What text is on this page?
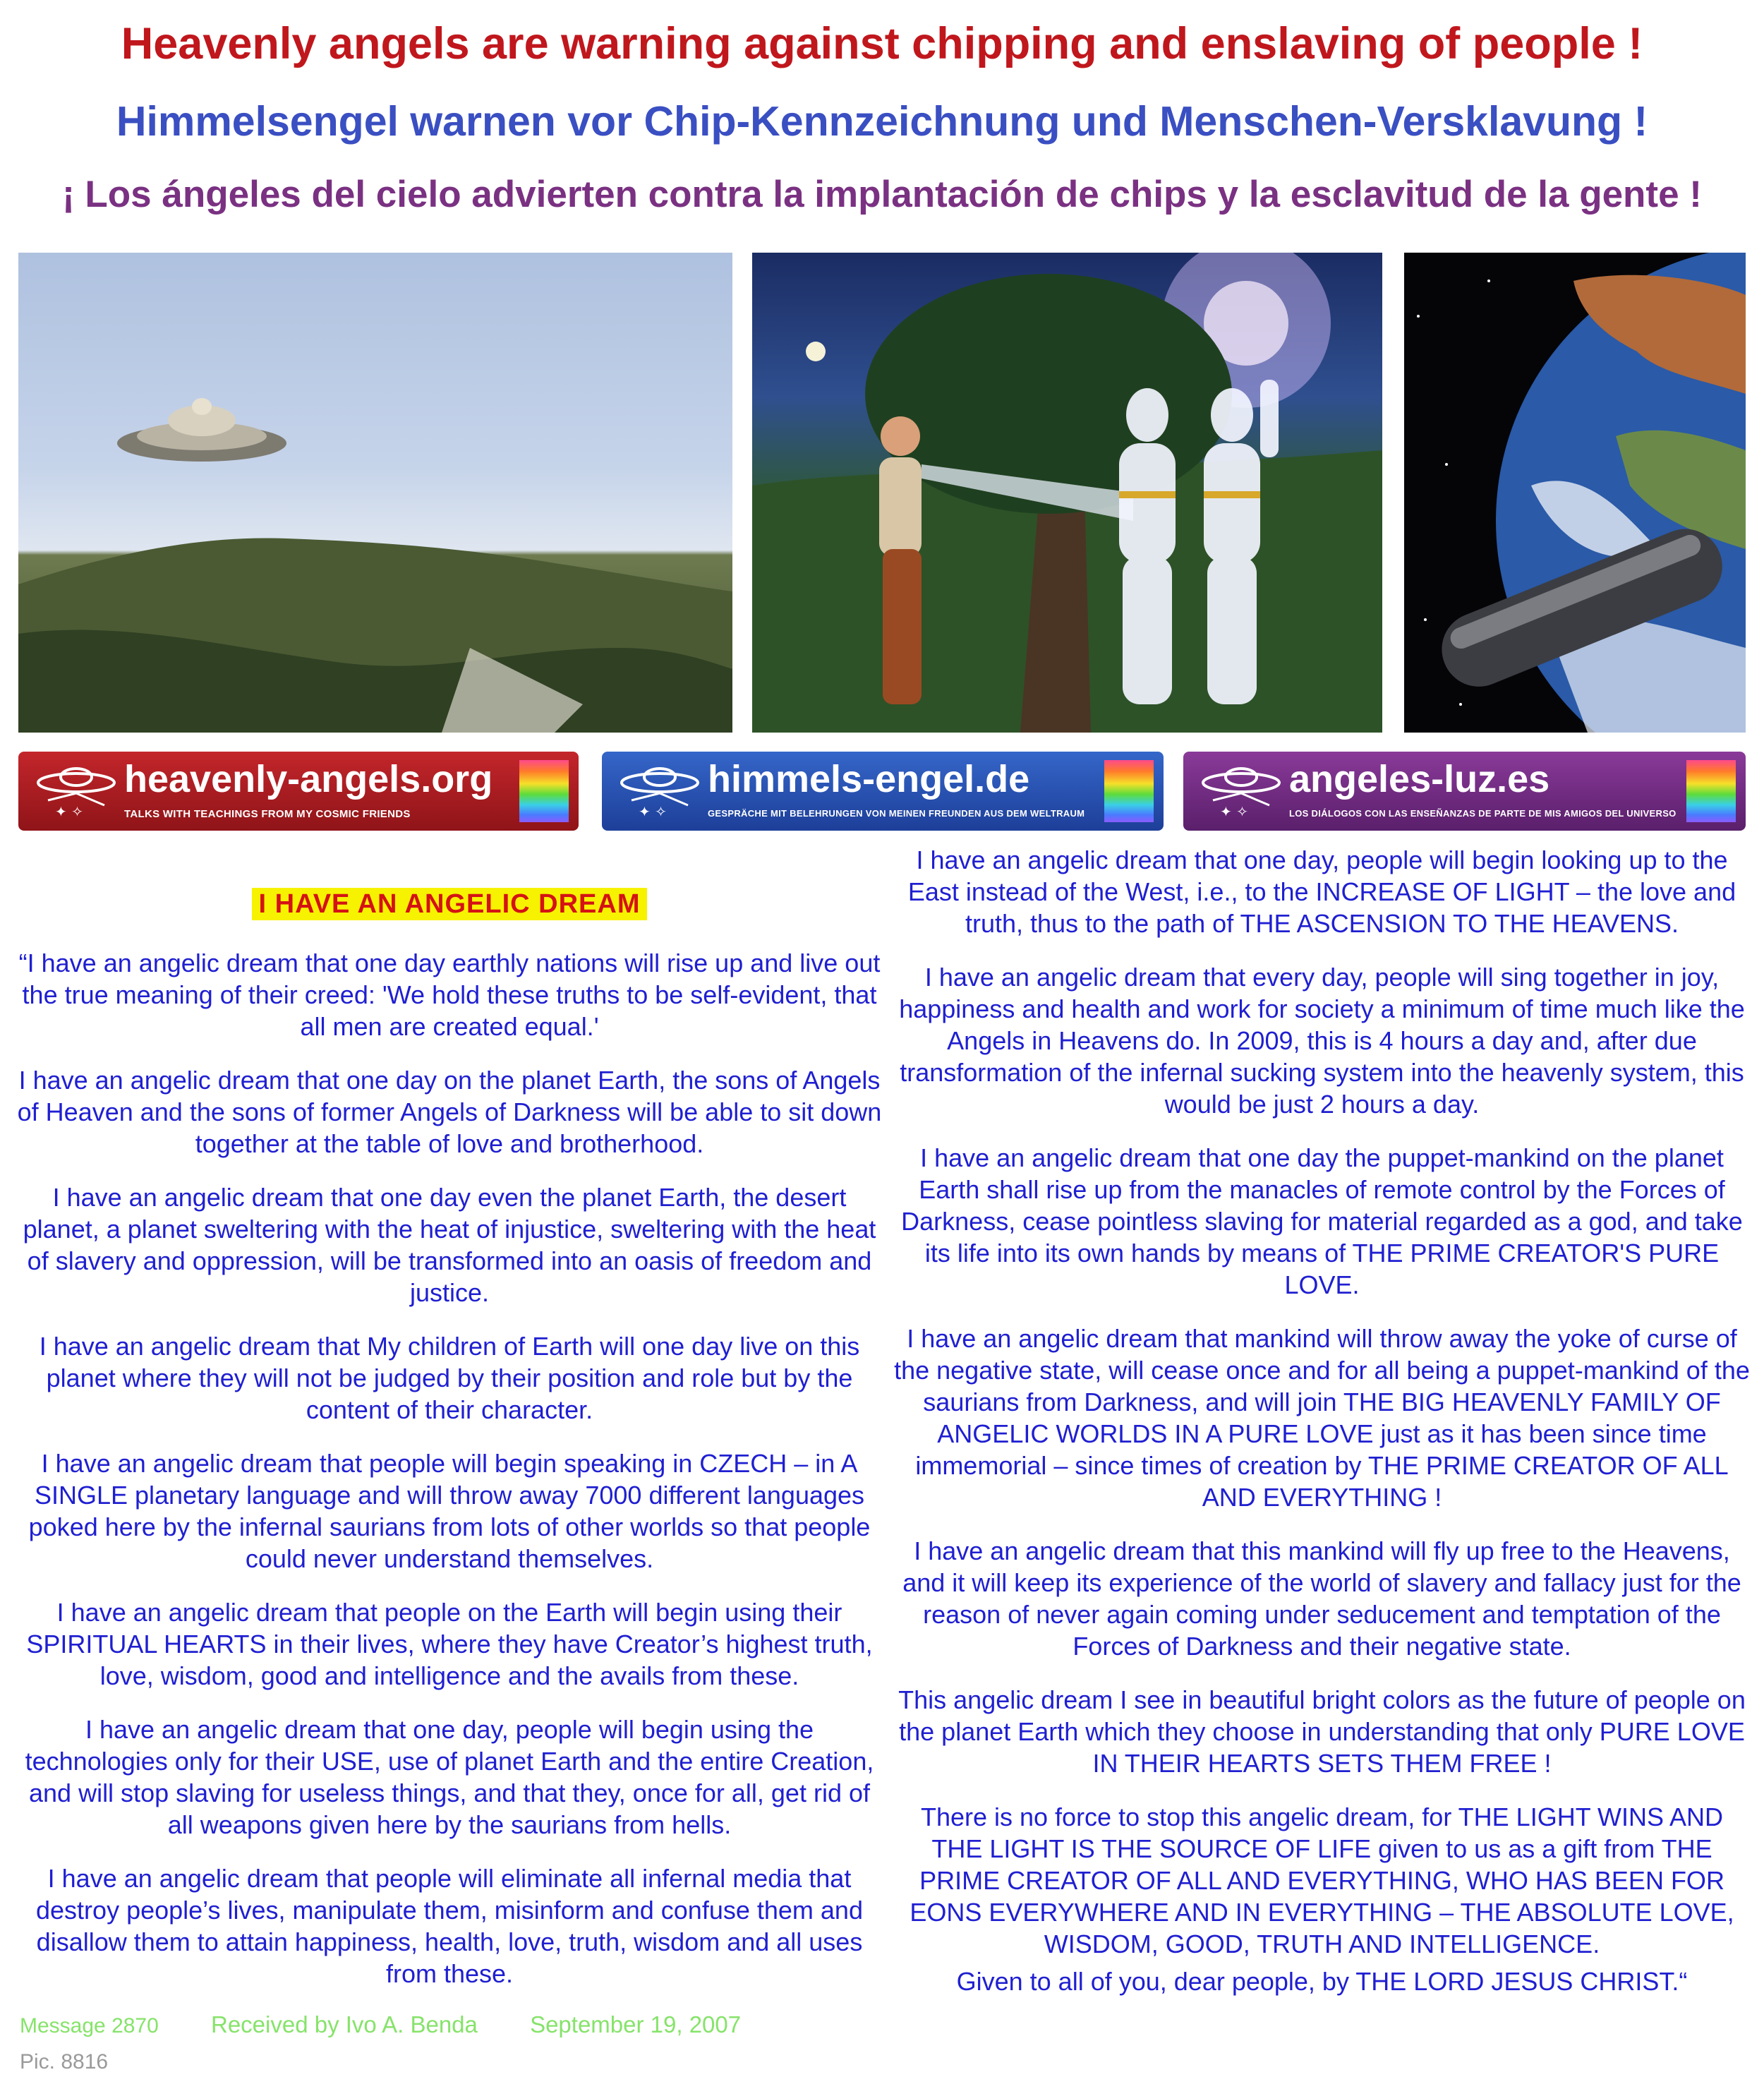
Heavenly angels are warning against chipping and enslaving of people !
Himmelsengel warnen vor Chip-Kennzeichnung und Menschen-Versklavung !
¡ Los ángeles del cielo advierten contra la implantación de chips y la esclavitud de la gente !
✦ ✧
heavenly-angels.org
TALKS WITH TEACHINGS FROM MY COSMIC FRIENDS	✦ ✧
himmels-engel.de
GESPRÄCHE MIT BELEHRUNGEN VON MEINEN FREUNDEN AUS DEM WELTRAUM	✦ ✧
angeles-luz.es
LOS DIÁLOGOS CON LAS ENSEÑANZAS DE PARTE DE MIS AMIGOS DEL UNIVERSO
I HAVE AN ANGELIC DREAM

“I have an angelic dream that one day earthly nations will rise up and live out the true meaning of their creed: 'We hold these truths to be self-evident, that all men are created equal.'

I have an angelic dream that one day on the planet Earth, the sons of Angels of Heaven and the sons of former Angels of Darkness will be able to sit down together at the table of love and brotherhood.

I have an angelic dream that one day even the planet Earth, the desert planet, a planet sweltering with the heat of injustice, sweltering with the heat of slavery and oppression, will be transformed into an oasis of freedom and justice.

I have an angelic dream that My children of Earth will one day live on this planet where they will not be judged by their position and role but by the content of their character.

I have an angelic dream that people will begin speaking in CZECH – in A SINGLE planetary language and will throw away 7000 different languages poked here by the infernal saurians from lots of other worlds so that people could never understand themselves.

I have an angelic dream that people on the Earth will begin using their SPIRITUAL HEARTS in their lives, where they have Creator’s highest truth, love, wisdom, good and intelligence and the avails from these.

I have an angelic dream that one day, people will begin using the technologies only for their USE, use of planet Earth and the entire Creation, and will stop slaving for useless things, and that they, once for all, get rid of all weapons given here by the saurians from hells.

I have an angelic dream that people will eliminate all infernal media that destroy people’s lives, manipulate them, misinform and confuse them and disallow them to attain happiness, health, love, truth, wisdom and all uses from these.

Message 2870 Received by Ivo A. Benda September 19, 2007
Pic. 8816

I have an angelic dream that one day, people will begin looking up to the East instead of the West, i.e., to the INCREASE OF LIGHT – the love and truth, thus to the path of THE ASCENSION TO THE HEAVENS.

I have an angelic dream that every day, people will sing together in joy, happiness and health and work for society a minimum of time much like the Angels in Heavens do. In 2009, this is 4 hours a day and, after due transformation of the infernal sucking system into the heavenly system, this would be just 2 hours a day.

I have an angelic dream that one day the puppet-mankind on the planet Earth shall rise up from the manacles of remote control by the Forces of Darkness, cease pointless slaving for material regarded as a god, and take its life into its own hands by means of THE PRIME CREATOR'S PURE LOVE.

I have an angelic dream that mankind will throw away the yoke of curse of the negative state, will cease once and for all being a puppet-mankind of the saurians from Darkness, and will join THE BIG HEAVENLY FAMILY OF ANGELIC WORLDS IN A PURE LOVE just as it has been since time immemorial – since times of creation by THE PRIME CREATOR OF ALL AND EVERYTHING !

I have an angelic dream that this mankind will fly up free to the Heavens, and it will keep its experience of the world of slavery and fallacy just for the reason of never again coming under seducement and temptation of the Forces of Darkness and their negative state.

This angelic dream I see in beautiful bright colors as the future of people on the planet Earth which they choose in understanding that only PURE LOVE IN THEIR HEARTS SETS THEM FREE !

There is no force to stop this angelic dream, for THE LIGHT WINS AND THE LIGHT IS THE SOURCE OF LIFE given to us as a gift from THE PRIME CREATOR OF ALL AND EVERYTHING, WHO HAS BEEN FOR EONS EVERYWHERE AND IN EVERYTHING – THE ABSOLUTE LOVE, WISDOM, GOOD, TRUTH AND INTELLIGENCE.

Given to all of you, dear people, by THE LORD JESUS CHRIST.“
